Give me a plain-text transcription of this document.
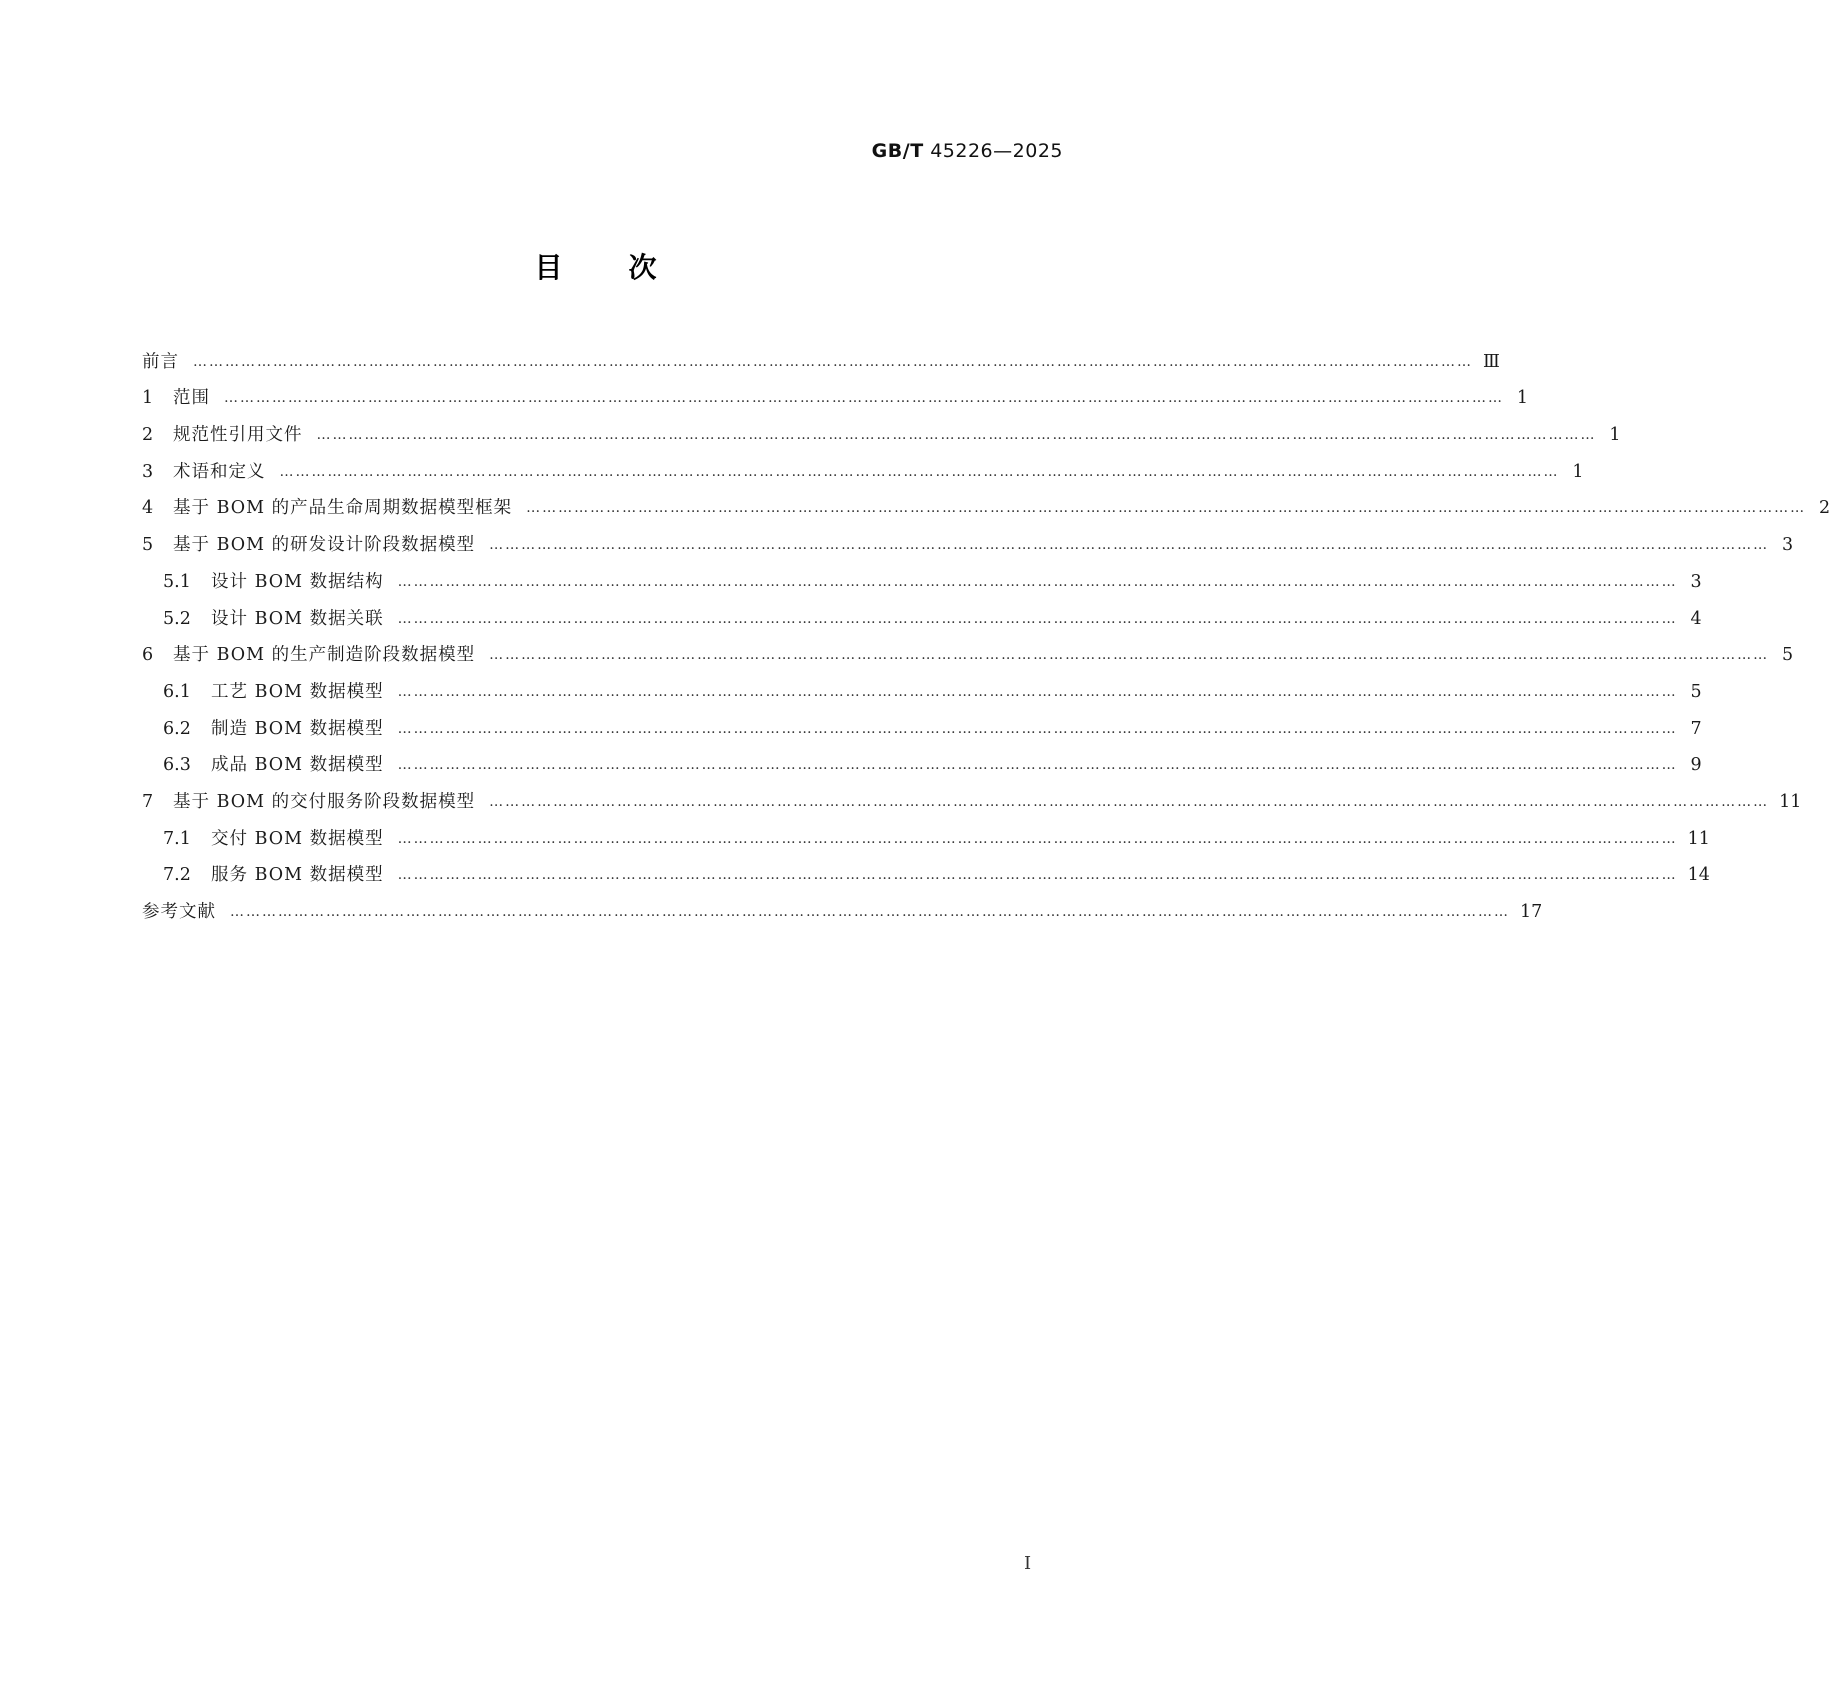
GB/T 45226—2025
目次
前言 …………………………………………………………………………………………………………………………………………………………………………………………………………………… Ⅲ
1	范围 …………………………………………………………………………………………………………………………………………………………………………………………………………………… 1
2	规范性引用文件 …………………………………………………………………………………………………………………………………………………………………………………………………………………… 1
3	术语和定义 …………………………………………………………………………………………………………………………………………………………………………………………………………………… 1
4	基于 BOM 的产品生命周期数据模型框架 …………………………………………………………………………………………………………………………………………………………………………………………………………………… 2
5	基于 BOM 的研发设计阶段数据模型 …………………………………………………………………………………………………………………………………………………………………………………………………………………… 3
5.1	设计 BOM 数据结构 …………………………………………………………………………………………………………………………………………………………………………………………………………………… 3
5.2	设计 BOM 数据关联 …………………………………………………………………………………………………………………………………………………………………………………………………………………… 4
6	基于 BOM 的生产制造阶段数据模型 …………………………………………………………………………………………………………………………………………………………………………………………………………………… 5
6.1	工艺 BOM 数据模型 …………………………………………………………………………………………………………………………………………………………………………………………………………………… 5
6.2	制造 BOM 数据模型 …………………………………………………………………………………………………………………………………………………………………………………………………………………… 7
6.3	成品 BOM 数据模型 …………………………………………………………………………………………………………………………………………………………………………………………………………………… 9
7	基于 BOM 的交付服务阶段数据模型 …………………………………………………………………………………………………………………………………………………………………………………………………………………… 11
7.1	交付 BOM 数据模型 …………………………………………………………………………………………………………………………………………………………………………………………………………………… 11
7.2	服务 BOM 数据模型 …………………………………………………………………………………………………………………………………………………………………………………………………………………… 14
参考文献 …………………………………………………………………………………………………………………………………………………………………………………………………………………… 17
I
